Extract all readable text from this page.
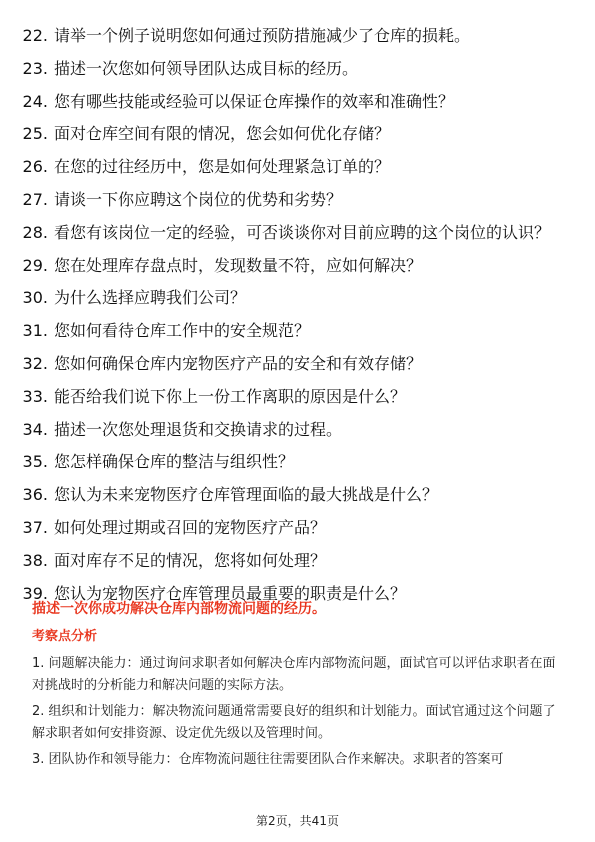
22. 请举一个例子说明您如何通过预防措施减少了仓库的损耗。
23. 描述一次您如何领导团队达成目标的经历。
24. 您有哪些技能或经验可以保证仓库操作的效率和准确性？
25. 面对仓库空间有限的情况，您会如何优化存储？
26. 在您的过往经历中，您是如何处理紧急订单的？
27. 请谈一下你应聘这个岗位的优势和劣势？
28. 看您有该岗位一定的经验，可否谈谈你对目前应聘的这个岗位的认识？
29. 您在处理库存盘点时，发现数量不符，应如何解决？
30. 为什么选择应聘我们公司？
31. 您如何看待仓库工作中的安全规范？
32. 您如何确保仓库内宠物医疗产品的安全和有效存储？
33. 能否给我们说下你上一份工作离职的原因是什么？
34. 描述一次您处理退货和交换请求的过程。
35. 您怎样确保仓库的整洁与组织性？
36. 您认为未来宠物医疗仓库管理面临的最大挑战是什么？
37. 如何处理过期或召回的宠物医疗产品？
38. 面对库存不足的情况，您将如何处理？
39. 您认为宠物医疗仓库管理员最重要的职责是什么？
描述一次你成功解决仓库内部物流问题的经历。
考察点分析

1. 问题解决能力：通过询问求职者如何解决仓库内部物流问题，面试官可以评估求职者在面对挑战时的分析能力和解决问题的实际方法。

2. 组织和计划能力：解决物流问题通常需要良好的组织和计划能力。面试官通过这个问题了解求职者如何安排资源、设定优先级以及管理时间。

3. 团队协作和领导能力：仓库物流问题往往需要团队合作来解决。求职者的答案可

第2页，共41页
